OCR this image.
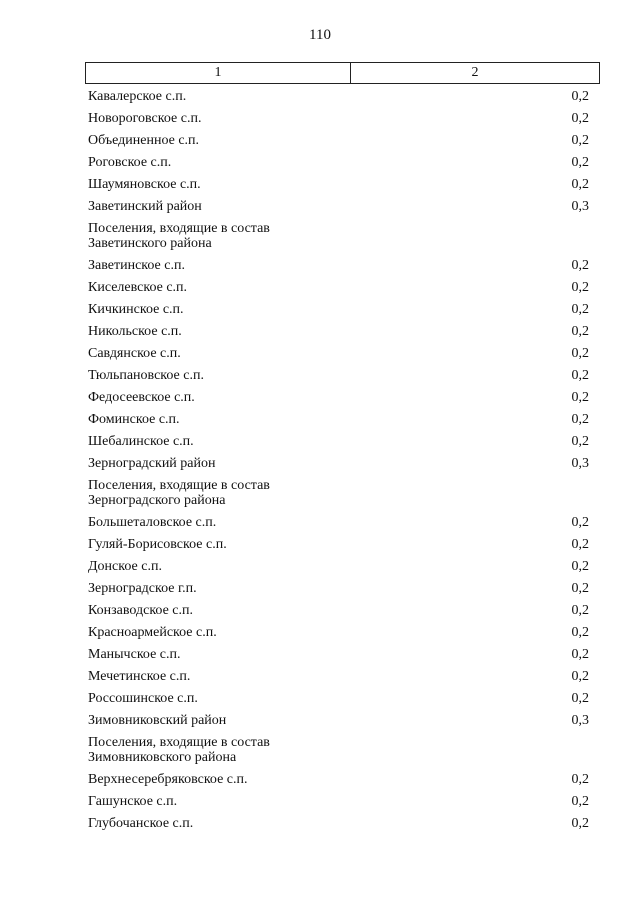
110
1	2
Кавалерское с.п.	0,2
Новороговское с.п.	0,2
Объединенное с.п.	0,2
Роговское с.п.	0,2
Шаумяновское с.п.	0,2
Заветинский район	0,3
Поселения, входящие в состав Заветинского района
Заветинское с.п.	0,2
Киселевское с.п.	0,2
Кичкинское с.п.	0,2
Никольское с.п.	0,2
Савдянское с.п.	0,2
Тюльпановское с.п.	0,2
Федосеевское с.п.	0,2
Фоминское с.п.	0,2
Шебалинское с.п.	0,2
Зерноградский район	0,3
Поселения, входящие в состав Зерноградского района
Большеталовское с.п.	0,2
Гуляй-Борисовское с.п.	0,2
Донское с.п.	0,2
Зерноградское г.п.	0,2
Конзаводское с.п.	0,2
Красноармейское с.п.	0,2
Манычское с.п.	0,2
Мечетинское с.п.	0,2
Россошинское с.п.	0,2
Зимовниковский район	0,3
Поселения, входящие в состав Зимовниковского района
Верхнесеребряковское с.п.	0,2
Гашунское с.п.	0,2
Глубочанское с.п.	0,2
